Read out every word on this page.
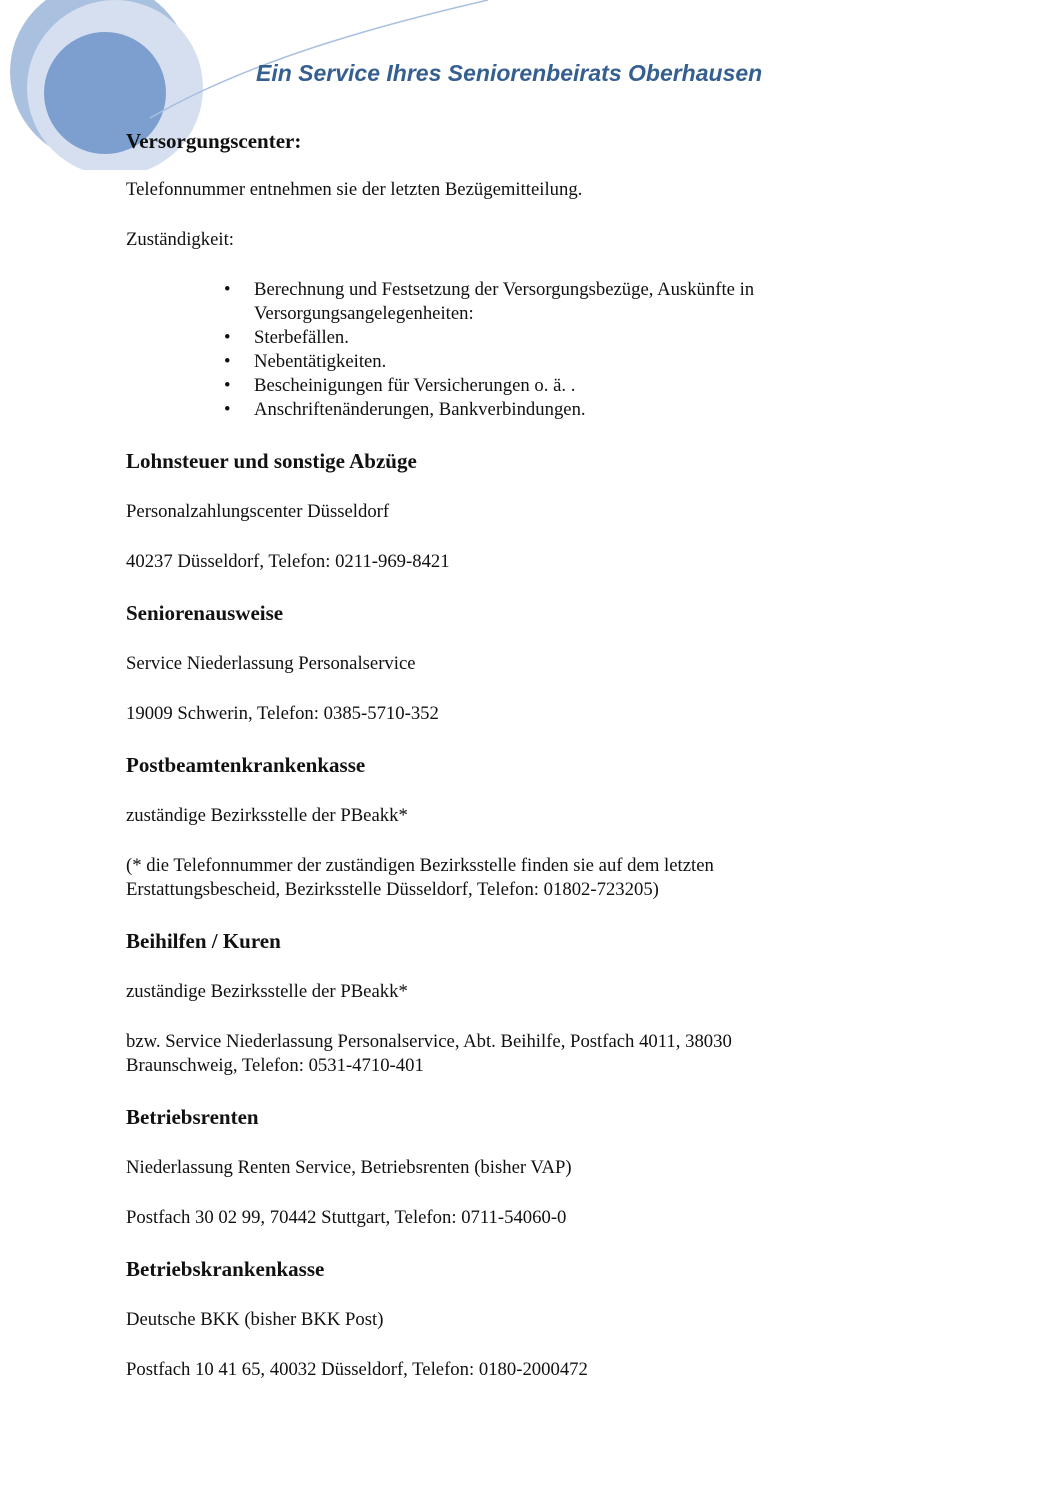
Ein Service Ihres Seniorenbeirats Oberhausen
Versorgungscenter:

Telefonnummer entnehmen sie der letzten Bezügemitteilung.

Zuständigkeit:

• Berechnung und Festsetzung der Versorgungsbezüge, Auskünfte in Versorgungsangelegenheiten:
• Sterbefällen.
• Nebentätigkeiten.
• Bescheinigungen für Versicherungen o. ä. .
• Anschriftenänderungen, Bankverbindungen.
Lohnsteuer und sonstige Abzüge

Personalzahlungscenter Düsseldorf

40237 Düsseldorf, Telefon: 0211-969-8421

Seniorenausweise

Service Niederlassung Personalservice

19009 Schwerin, Telefon: 0385-5710-352

Postbeamtenkrankenkasse

zuständige Bezirksstelle der PBeakk*

(* die Telefonnummer der zuständigen Bezirksstelle finden sie auf dem letzten Erstattungsbescheid, Bezirksstelle Düsseldorf, Telefon: 01802-723205)

Beihilfen / Kuren

zuständige Bezirksstelle der PBeakk*

bzw. Service Niederlassung Personalservice, Abt. Beihilfe, Postfach 4011, 38030 Braunschweig, Telefon: 0531-4710-401

Betriebsrenten

Niederlassung Renten Service, Betriebsrenten (bisher VAP)

Postfach 30 02 99, 70442 Stuttgart, Telefon: 0711-54060-0

Betriebskrankenkasse

Deutsche BKK (bisher BKK Post)

Postfach 10 41 65, 40032 Düsseldorf, Telefon: 0180-2000472
